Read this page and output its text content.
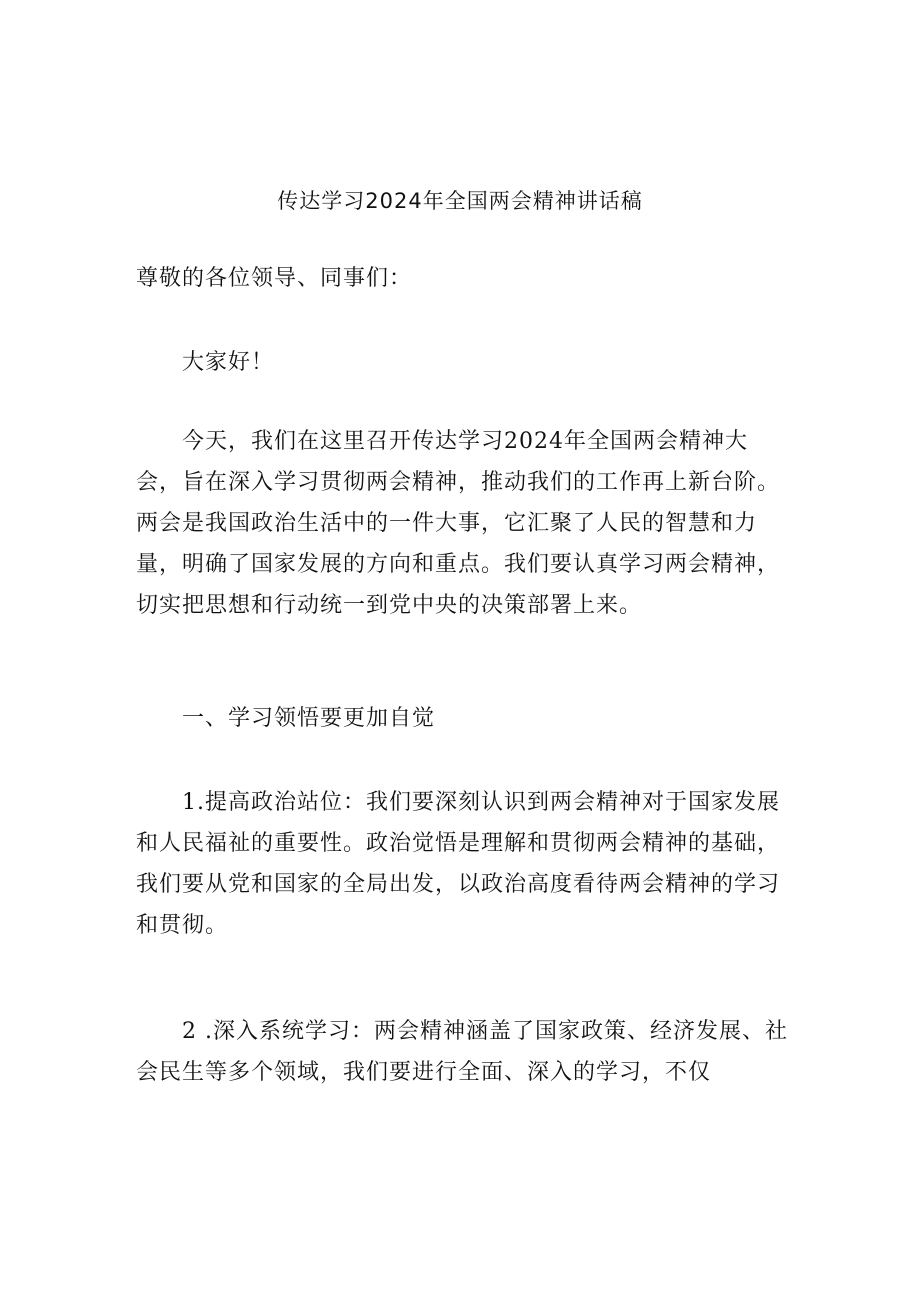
传达学习2024年全国两会精神讲话稿
尊敬的各位领导、同事们：
大家好！
今天，我们在这里召开传达学习2024年全国两会精神大
会，旨在深入学习贯彻两会精神，推动我们的工作再上新台阶。
两会是我国政治生活中的一件大事，它汇聚了人民的智慧和力
量，明确了国家发展的方向和重点。我们要认真学习两会精神，
切实把思想和行动统一到党中央的决策部署上来。
一、学习领悟要更加自觉
1.提高政治站位：我们要深刻认识到两会精神对于国家发展
和人民福祉的重要性。政治觉悟是理解和贯彻两会精神的基础，
我们要从党和国家的全局出发，以政治高度看待两会精神的学习
和贯彻。
2 .深入系统学习：两会精神涵盖了国家政策、经济发展、社
会民生等多个领域，我们要进行全面、深入的学习，不仅
